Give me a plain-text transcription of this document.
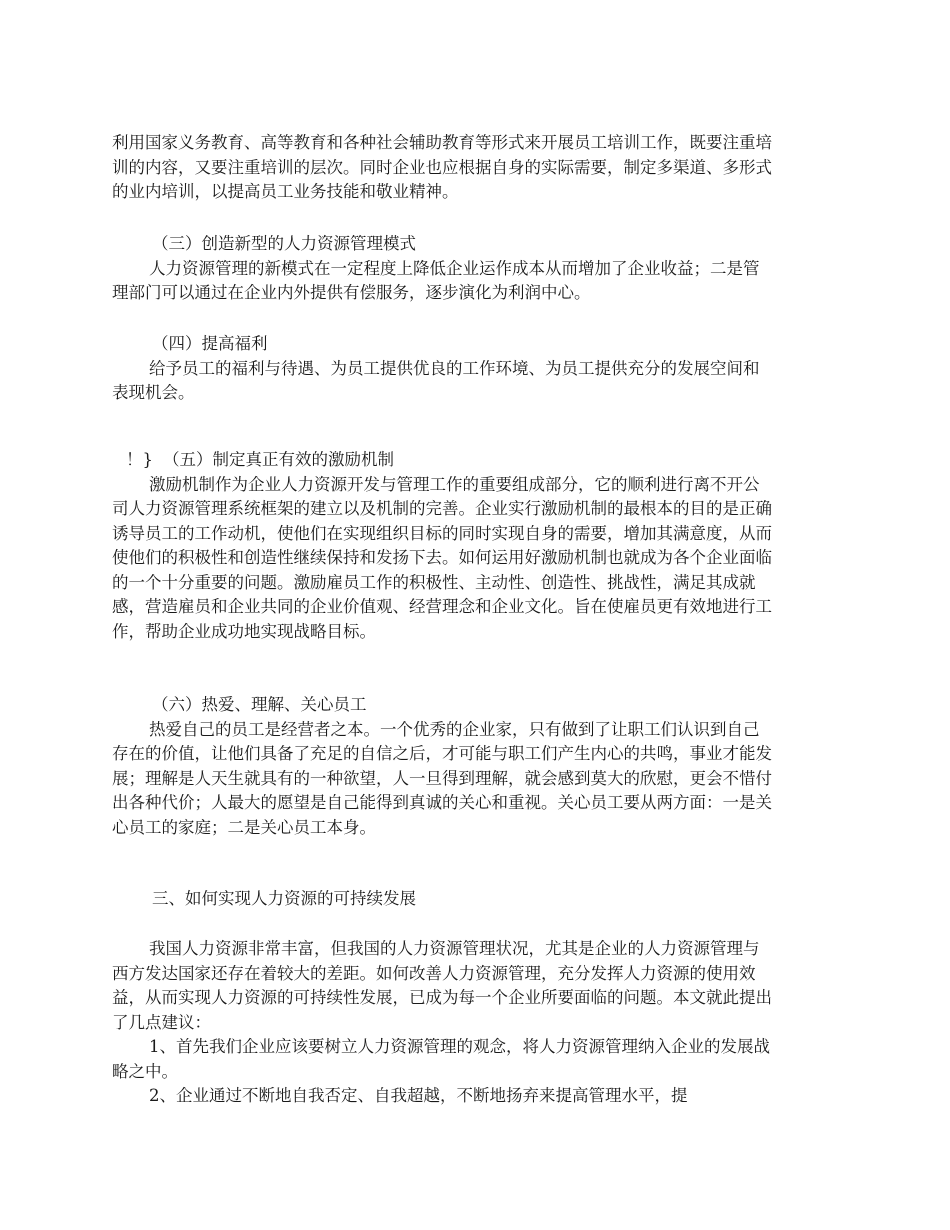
利用国家义务教育、高等教育和各种社会辅助教育等形式来开展员工培训工作，既要注重培训的内容，又要注重培训的层次。同时企业也应根据自身的实际需要，制定多渠道、多形式的业内培训，以提高员工业务技能和敬业精神。

（三）创造新型的人力资源管理模式

人力资源管理的新模式在一定程度上降低企业运作成本从而增加了企业收益；二是管理部门可以通过在企业内外提供有偿服务，逐步演化为利润中心。

（四）提高福利

给予员工的福利与待遇、为员工提供优良的工作环境、为员工提供充分的发展空间和表现机会。

！} （五）制定真正有效的激励机制

激励机制作为企业人力资源开发与管理工作的重要组成部分，它的顺利进行离不开公司人力资源管理系统框架的建立以及机制的完善。企业实行激励机制的最根本的目的是正确诱导员工的工作动机，使他们在实现组织目标的同时实现自身的需要，增加其满意度，从而使他们的积极性和创造性继续保持和发扬下去。如何运用好激励机制也就成为各个企业面临的一个十分重要的问题。激励雇员工作的积极性、主动性、创造性、挑战性，满足其成就感，营造雇员和企业共同的企业价值观、经营理念和企业文化。旨在使雇员更有效地进行工作，帮助企业成功地实现战略目标。

（六）热爱、理解、关心员工

热爱自己的员工是经营者之本。一个优秀的企业家，只有做到了让职工们认识到自己存在的价值，让他们具备了充足的自信之后，才可能与职工们产生内心的共鸣，事业才能发展；理解是人天生就具有的一种欲望，人一旦得到理解，就会感到莫大的欣慰，更会不惜付出各种代价；人最大的愿望是自己能得到真诚的关心和重视。关心员工要从两方面：一是关心员工的家庭；二是关心员工本身。

三、如何实现人力资源的可持续发展

我国人力资源非常丰富，但我国的人力资源管理状况，尤其是企业的人力资源管理与西方发达国家还存在着较大的差距。如何改善人力资源管理，充分发挥人力资源的使用效益，从而实现人力资源的可持续性发展，已成为每一个企业所要面临的问题。本文就此提出了几点建议：

1、首先我们企业应该要树立人力资源管理的观念，将人力资源管理纳入企业的发展战略之中。

2、企业通过不断地自我否定、自我超越，不断地扬弃来提高管理水平，提
